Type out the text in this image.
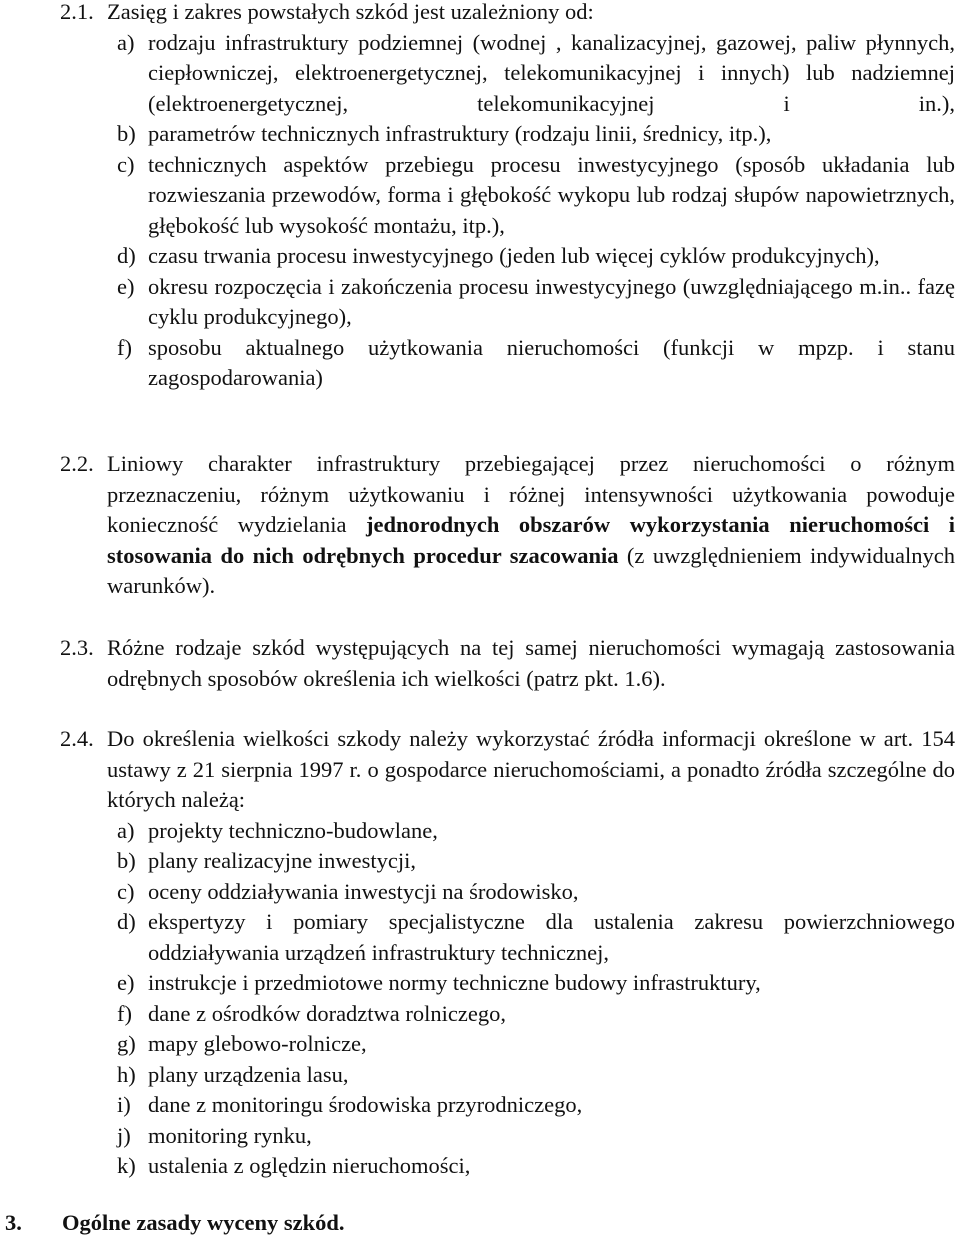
2.1. Zasięg i zakres powstałych szkód jest uzależniony od:
a) rodzaju infrastruktury podziemnej (wodnej , kanalizacyjnej, gazowej, paliw płynnych, ciepłowniczej, elektroenergetycznej, telekomunikacyjnej i innych) lub nadziemnej (elektroenergetycznej, telekomunikacyjnej i in.),
b) parametrów technicznych infrastruktury (rodzaju linii, średnicy, itp.),
c) technicznych aspektów przebiegu procesu inwestycyjnego (sposób układania lub rozwieszania przewodów, forma i głębokość wykopu lub rodzaj słupów napowietrznych, głębokość lub wysokość montażu, itp.),
d) czasu trwania procesu inwestycyjnego (jeden lub więcej cyklów produkcyjnych),
e) okresu rozpoczęcia i zakończenia procesu inwestycyjnego (uwzględniającego m.in.. fazę cyklu produkcyjnego),
f) sposobu aktualnego użytkowania nieruchomości (funkcji w mpzp. i stanu zagospodarowania)
2.2. Liniowy charakter infrastruktury przebiegającej przez nieruchomości o różnym przeznaczeniu, różnym użytkowaniu i różnej intensywności użytkowania powoduje konieczność wydzielania jednorodnych obszarów wykorzystania nieruchomości i stosowania do nich odrębnych procedur szacowania (z uwzględnieniem indywidualnych warunków).
2.3. Różne rodzaje szkód występujących na tej samej nieruchomości wymagają zastosowania odrębnych sposobów określenia ich wielkości (patrz pkt. 1.6).
2.4. Do określenia wielkości szkody należy wykorzystać źródła informacji określone w art. 154 ustawy z 21 sierpnia 1997 r. o gospodarce nieruchomościami, a ponadto źródła szczególne do których należą:
a) projekty techniczno-budowlane,
b) plany realizacyjne inwestycji,
c) oceny oddziaływania inwestycji na środowisko,
d) ekspertyzy i pomiary specjalistyczne dla ustalenia zakresu powierzchniowego oddziaływania urządzeń infrastruktury technicznej,
e) instrukcje i przedmiotowe normy techniczne budowy infrastruktury,
f) dane z ośrodków doradztwa rolniczego,
g) mapy glebowo-rolnicze,
h) plany urządzenia lasu,
i) dane z monitoringu środowiska przyrodniczego,
j) monitoring rynku,
k) ustalenia z oględzin nieruchomości,
3. Ogólne zasady wyceny szkód.
